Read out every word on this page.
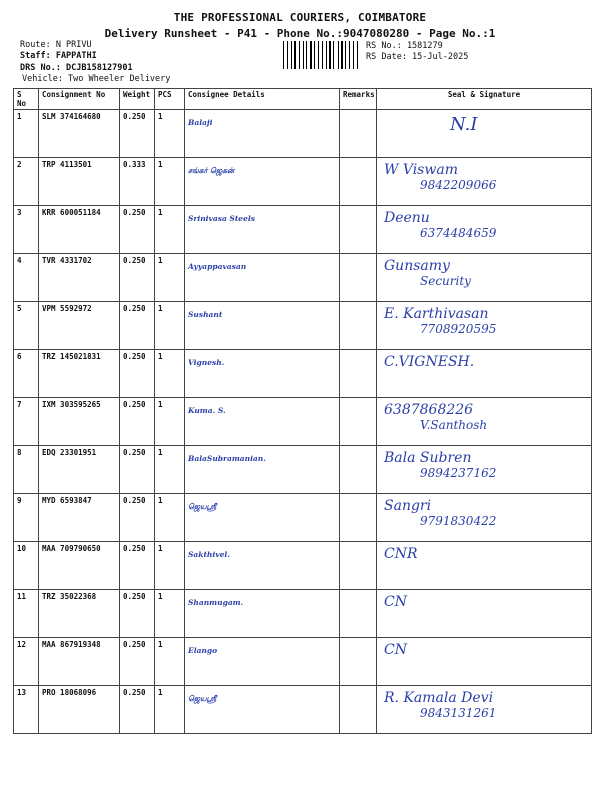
THE PROFESSIONAL COURIERS, COIMBATORE
Delivery Runsheet - P41 - Phone No.:9047080280 - Page No.:1
Route: N PRIVU
Staff: FAPPATHI
DRS No.: DCJB158127901
Vehicle: Two Wheeler Delivery
RS No.: 1581279
RS Date: 15-Jul-2025
S No	Consignment No	Weight	PCS	Consignee Details	Remarks	Seal & Signature
1	SLM 374164680	0.250	1	Balaji		N.I

2	TRP 4113501	0.333	1	சங்கர் ஜெகன்		W Viswam
9842209066

3	KRR 600051184	0.250	1	Srinivasa Steels		Deenu
6374484659

4	TVR 4331702	0.250	1	Ayyappavasan		Gunsamy
Security

5	VPM 5592972	0.250	1	Sushant		E. Karthivasan
7708920595

6	TRZ 145021831	0.250	1	Vignesh.		C.VIGNESH.

7	IXM 303595265	0.250	1	Kuma. S.		6387868226
V.Santhosh

8	EDQ 23301951	0.250	1	BalaSubramanian.		Bala Subren
9894237162

9	MYD 6593847	0.250	1	ஜெயஸ்ரீ		Sangri
9791830422

10	MAA 709790650	0.250	1	Sakthivel.		CNR

11	TRZ 35022368	0.250	1	Shanmugam.		CN

12	MAA 867919348	0.250	1	Elango		CN

13	PRO 18068096	0.250	1	ஜெயஸ்ரீ		R. Kamala Devi
9843131261
